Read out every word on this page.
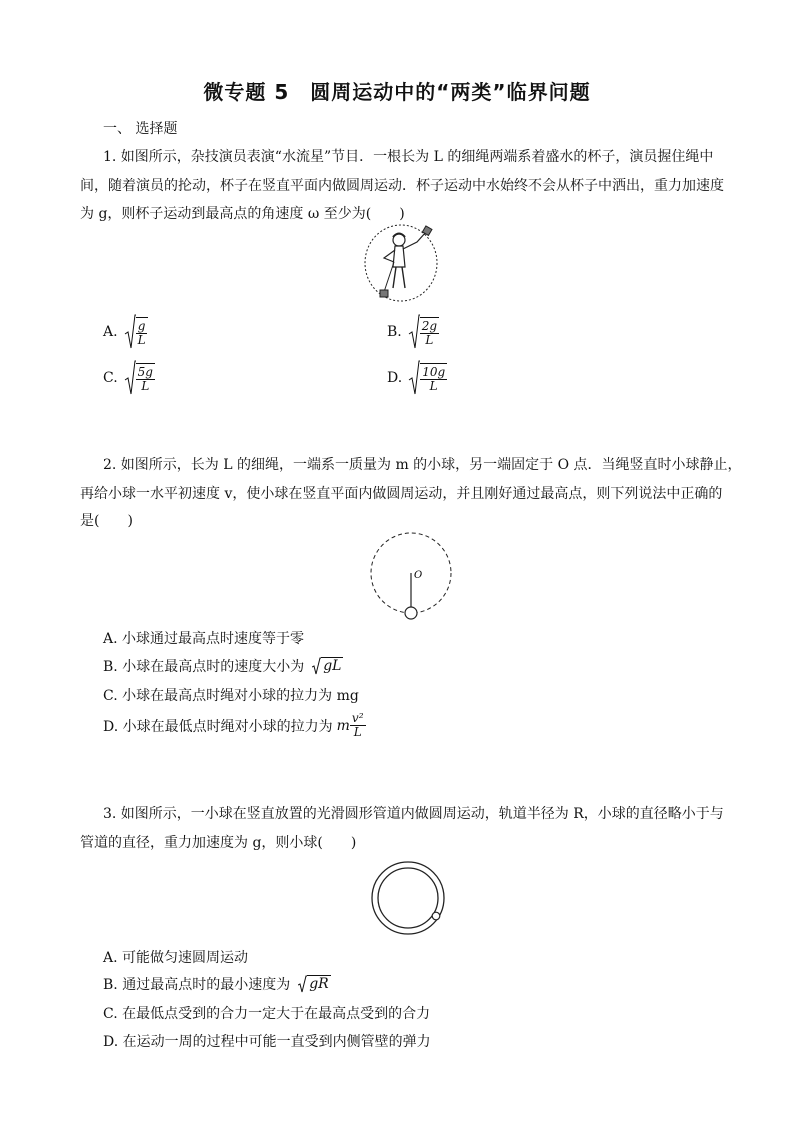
微专题 5　圆周运动中的“两类”临界问题
一、 选择题
1. 如图所示，杂技演员表演“水流星”节目．一根长为 L 的细绳两端系着盛水的杯子，演员握住绳中
间，随着演员的抡动，杯子在竖直平面内做圆周运动．杯子运动中水始终不会从杯子中洒出，重力加速度
为 g，则杯子运动到最高点的角速度 ω 至少为(　　)
A. $\frac{g}{L}$	B. $\frac{2g}{L}$
C. $\frac{5g}{L}$	D. $\frac{10g}{L}$
2. 如图所示，长为 L 的细绳，一端系一质量为 m 的小球，另一端固定于 O 点．当绳竖直时小球静止，
再给小球一水平初速度 v，使小球在竖直平面内做圆周运动，并且刚好通过最高点，则下列说法中正确的
是(　　)
O
A. 小球通过最高点时速度等于零
B. 小球在最高点时的速度大小为 gL
C. 小球在最高点时绳对小球的拉力为 mg
D. 小球在最低点时绳对小球的拉力为 m $\frac{\text{v²}}{L}$
3. 如图所示，一小球在竖直放置的光滑圆形管道内做圆周运动，轨道半径为 R，小球的直径略小于与
管道的直径，重力加速度为 g，则小球(　　)
A. 可能做匀速圆周运动
B. 通过最高点时的最小速度为 gR
C. 在最低点受到的合力一定大于在最高点受到的合力
D. 在运动一周的过程中可能一直受到内侧管壁的弹力
